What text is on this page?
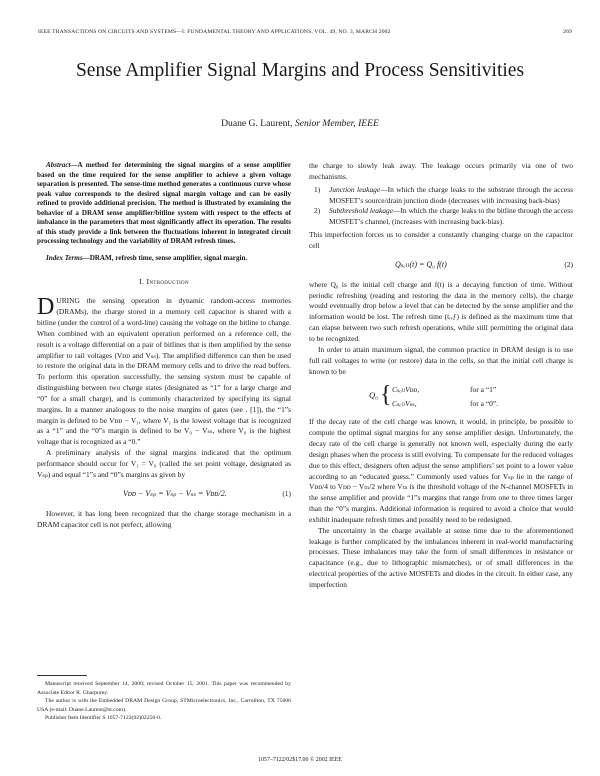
IEEE TRANSACTIONS ON CIRCUITS AND SYSTEMS—I: FUNDAMENTAL THEORY AND APPLICATIONS, VOL. 49, NO. 3, MARCH 2002	269
Sense Amplifier Signal Margins and Process Sensitivities
Duane G. Laurent, Senior Member, IEEE

Abstract—A method for determining the signal margins of a sense amplifier based on the time required for the sense amplifier to achieve a given voltage separation is presented. The sense-time method generates a continuous curve whose peak value corresponds to the desired signal margin voltage and can be easily refined to provide additional precision. The method is illustrated by examining the behavior of a DRAM sense amplifier/bitline system with respect to the effects of imbalance in the parameters that most significantly affect its operation. The results of this study provide a link between the fluctuations inherent in integrated circuit processing technology and the variability of DRAM refresh times.

Index Terms—DRAM, refresh time, sense amplifier, signal margin.

I. Introduction

DURING the sensing operation in dynamic random-access memories (DRAMs), the charge stored in a memory cell capacitor is shared with a bitline (under the control of a word-line) causing the voltage on the bitline to change. When combined with an equivalent operation performed on a reference cell, the result is a voltage differential on a pair of bitlines that is then amplified by the sense amplifier to rail voltages (Vᴅᴅ and Vₛₛ). The amplified difference can then be used to restore the original data in the DRAM memory cells and to drive the read buffers. To perform this operation successfully, the sensing system must be capable of distinguishing between two charge states (designated as “1” for a large charge and “0” for a small charge), and is commonly characterized by specifying its signal margins. In a manner analogous to the noise margins of gates (see . [1]), the “1”s margin is defined to be Vᴅᴅ − V₁, where V₁ is the lowest voltage that is recognized as a “1” and the “0”s margin is defined to be V₀ − Vₛₛ, where V₀ is the highest voltage that is recognized as a “0.”

A preliminary analysis of the signal margins indicated that the optimum performance should occur for V₁ = V₀ (called the set point voltage, designated as Vₛₚ) and equal “1”s and “0”s margins as given by

Vᴅᴅ − Vₛₚ = Vₛₚ − Vₛₛ = Vᴅᴅ/2.	(1)

However, it has long been recognized that the charge storage mechanism in a DRAM capacitor cell is not perfect, allowing

Manuscript received September 14, 2000; revised October 15, 2001. This paper was recommended by Associate Editor R. Gharpurey.

The author is with the Embedded DRAM Design Group, STMicroelectronics, Inc., Carrollton, TX 75006 USA (e-mail: Duane.Laurent@st.com).

Publisher Item Identifier S 1057-7122(02)02256-0.

the charge to slowly leak away. The leakage occurs primarily via one of two mechanisms.

1) Junction leakage—In which the charge leaks to the substrate through the access MOSFET’s source/drain junction diode (decreases with increasing back-bias)
2) Subthreshold leakage—In which the charge leaks to the bitline through the access MOSFET’s channel, (increases with increasing back-bias).

This imperfection forces us to consider a constantly changing charge on the capacitor cell

Qₛₑₗₗ(t) = Q₀ f(t)	(2)

where Q₀ is the initial cell charge and f(t) is a decaying function of time. Without periodic refreshing (reading and restoring the data in the memory cells), the charge would eventually drop below a level that can be detected by the sense amplifier and the information would be lost. The refresh time (tᵣₑƒ) is defined as the maximum time that can elapse between two such refresh operations, while still permitting the original data to be recognized.

In order to attain maximum signal, the common practice in DRAM design is to use full rail voltages to write (or restore) data in the cells, so that the initial cell charge is known to be

Q₀ { CₛₑₗₗVᴅᴅ,	for a “1”
CₛₑₗₗVₛₛ,	for a “0”.

If the decay rate of the cell charge was known, it would, in principle, be possible to compute the optimal signal margins for any sense amplifier design. Unfortunately, the decay rate of the cell charge is generally not known well, especially during the early design phases when the process is still evolving. To compensate for the reduced voltages due to this effect, designers often adjust the sense amplifiers’ set point to a lower value according to an “educated guess.” Commonly used values for Vₛₚ lie in the range of Vᴅᴅ/4 to Vᴅᴅ − Vₜₙ/2 where Vₜₙ is the threshold voltage of the N-channel MOSFETs in the sense amplifier and provide “1”s margins that range from one to three times larger than the “0”s margins. Additional information is required to avoid a choice that would exhibit inadequate refresh times and possibly need to be redesigned.

The uncertainty in the charge available at sense time due to the aforementioned leakage is further complicated by the imbalances inherent in real-world manufacturing processes. These imbalances may take the form of small differences in resistance or capacitance (e.g., due to lithographic mismatches), or of small differences in the electrical properties of the active MOSFETs and diodes in the circuit. In either case, any imperfection

1057–7122/02$17.00 © 2002 IEEE
